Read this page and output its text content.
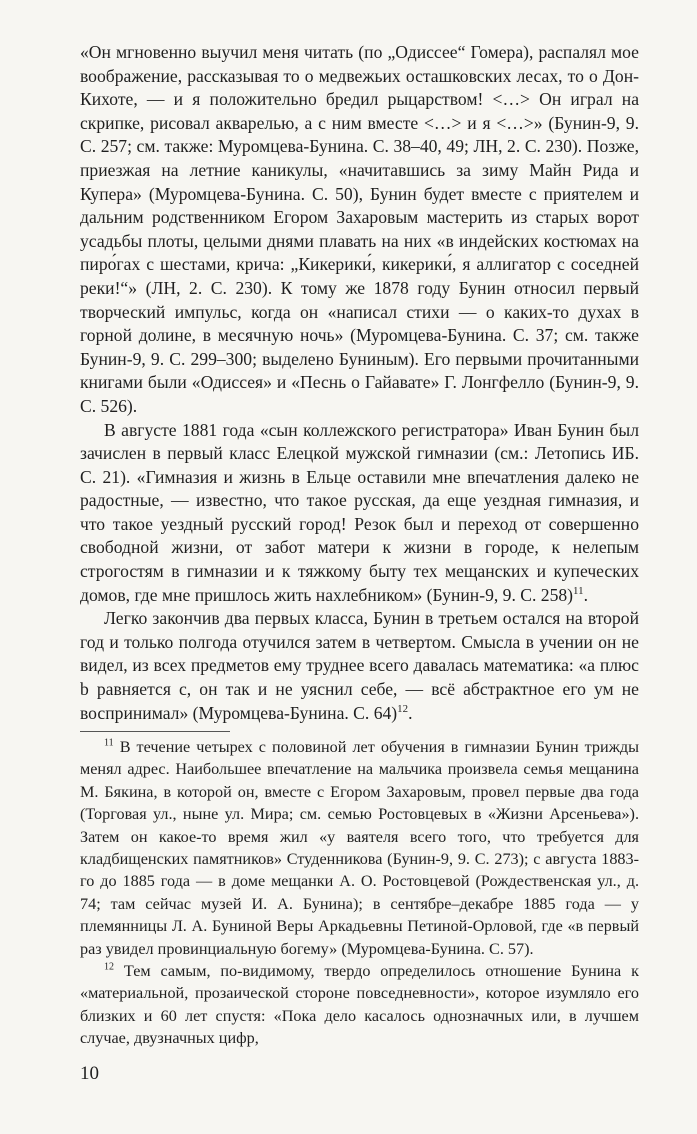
«Он мгновенно выучил меня читать (по „Одиссее“ Гомера), распалял мое воображение, рассказывая то о медвежьих осташковских лесах, то о Дон-Кихоте, — и я положительно бредил рыцарством! <…> Он играл на скрипке, рисовал акварелью, а с ним вместе <…> и я <…>» (Бунин-9, 9. С. 257; см. также: Муромцева-Бунина. С. 38–40, 49; ЛН, 2. С. 230). Позже, приезжая на летние каникулы, «начитавшись за зиму Майн Рида и Купера» (Муромцева-Бунина. С. 50), Бунин будет вместе с приятелем и дальним родственником Егором Захаровым мастерить из старых ворот усадьбы плоты, целыми днями плавать на них «в индейских костюмах на пиро́гах с шестами, крича: „Кикерики́, кикерики́, я аллигатор с соседней реки!“» (ЛН, 2. С. 230). К тому же 1878 году Бунин относил первый творческий импульс, когда он «написал стихи — о каких-то духах в горной долине, в месячную ночь» (Муромцева-Бунина. С. 37; см. также Бунин-9, 9. С. 299–300; выделено Буниным). Его первыми прочитанными книгами были «Одиссея» и «Песнь о Гайавате» Г. Лонгфелло (Бунин-9, 9. С. 526).

В августе 1881 года «сын коллежского регистратора» Иван Бунин был зачислен в первый класс Елецкой мужской гимназии (см.: Летопись ИБ. С. 21). «Гимназия и жизнь в Ельце оставили мне впечатления далеко не радостные, — известно, что такое русская, да еще уездная гимназия, и что такое уездный русский город! Резок был и переход от совершенно свободной жизни, от забот матери к жизни в городе, к нелепым строгостям в гимназии и к тяжкому быту тех мещанских и купеческих домов, где мне пришлось жить нахлебником» (Бунин-9, 9. С. 258)$^{11}$.

Легко закончив два первых класса, Бунин в третьем остался на второй год и только полгода отучился затем в четвертом. Смысла в учении он не видел, из всех предметов ему труднее всего давалась математика: «а плюс b равняется c, он так и не уяснил себе, — всё абстрактное его ум не воспринимал» (Муромцева-Бунина. С. 64)$^{12}$.

$^{11}$ В течение четырех с половиной лет обучения в гимназии Бунин трижды менял адрес. Наибольшее впечатление на мальчика произвела семья мещанина М. Бякина, в которой он, вместе с Егором Захаровым, провел первые два года (Торговая ул., ныне ул. Мира; см. семью Ростовцевых в «Жизни Арсеньева»). Затем он какое-то время жил «у ваятеля всего того, что требуется для кладбищенских памятников» Студенникова (Бунин-9, 9. С. 273); с августа 1883-го до 1885 года — в доме мещанки А. О. Ростовцевой (Рождественская ул., д. 74; там сейчас музей И. А. Бунина); в сентябре–декабре 1885 года — у племянницы Л. А. Буниной Веры Аркадьевны Петиной-Орловой, где «в первый раз увидел провинциальную богему» (Муромцева-Бунина. С. 57).

$^{12}$ Тем самым, по-видимому, твердо определилось отношение Бунина к «материальной, прозаической стороне повседневности», которое изумляло его близких и 60 лет спустя: «Пока дело касалось однозначных или, в лучшем случае, двузначных цифр,

10
